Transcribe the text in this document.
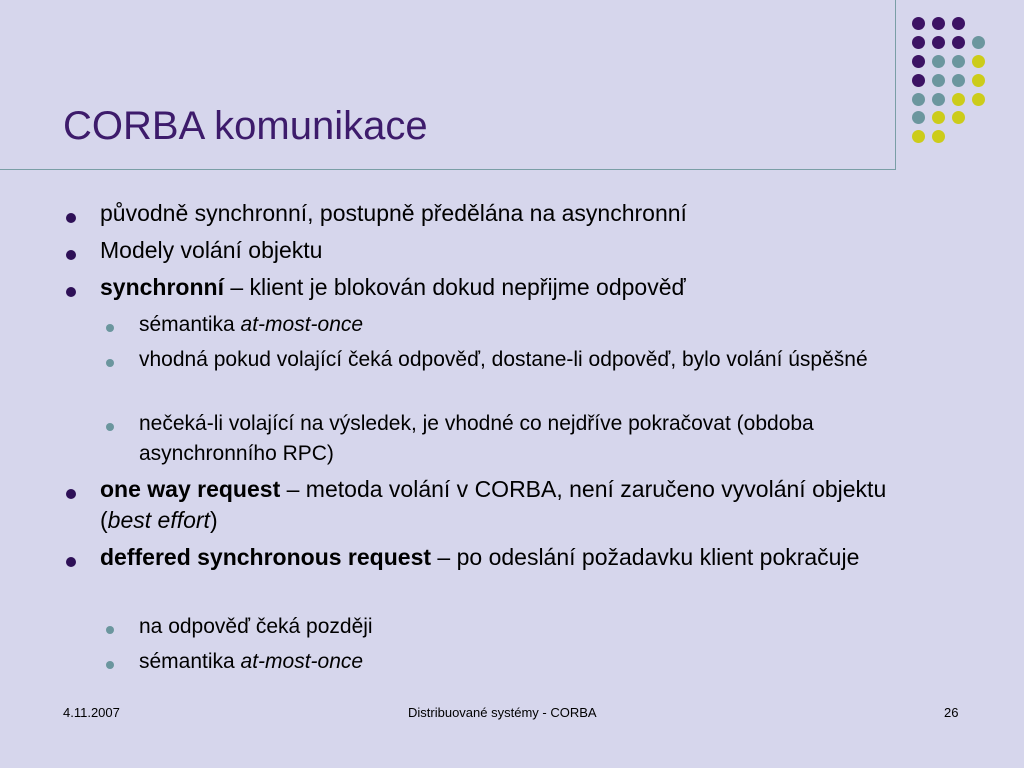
CORBA komunikace
původně synchronní, postupně předělána na asynchronní
Modely volání objektu
synchronní – klient je blokován dokud nepřijme odpověď
sémantika at-most-once
vhodná pokud volající čeká odpověď, dostane-li odpověď, bylo volání úspěšné
nečeká-li volající na výsledek, je vhodné co nejdříve pokračovat (obdoba asynchronního RPC)
one way request – metoda volání v CORBA, není zaručeno vyvolání objektu (best effort)
deffered synchronous request – po odeslání požadavku klient pokračuje
na odpověď čeká později
sémantika at-most-once
4.11.2007	Distribuované systémy - CORBA	26
